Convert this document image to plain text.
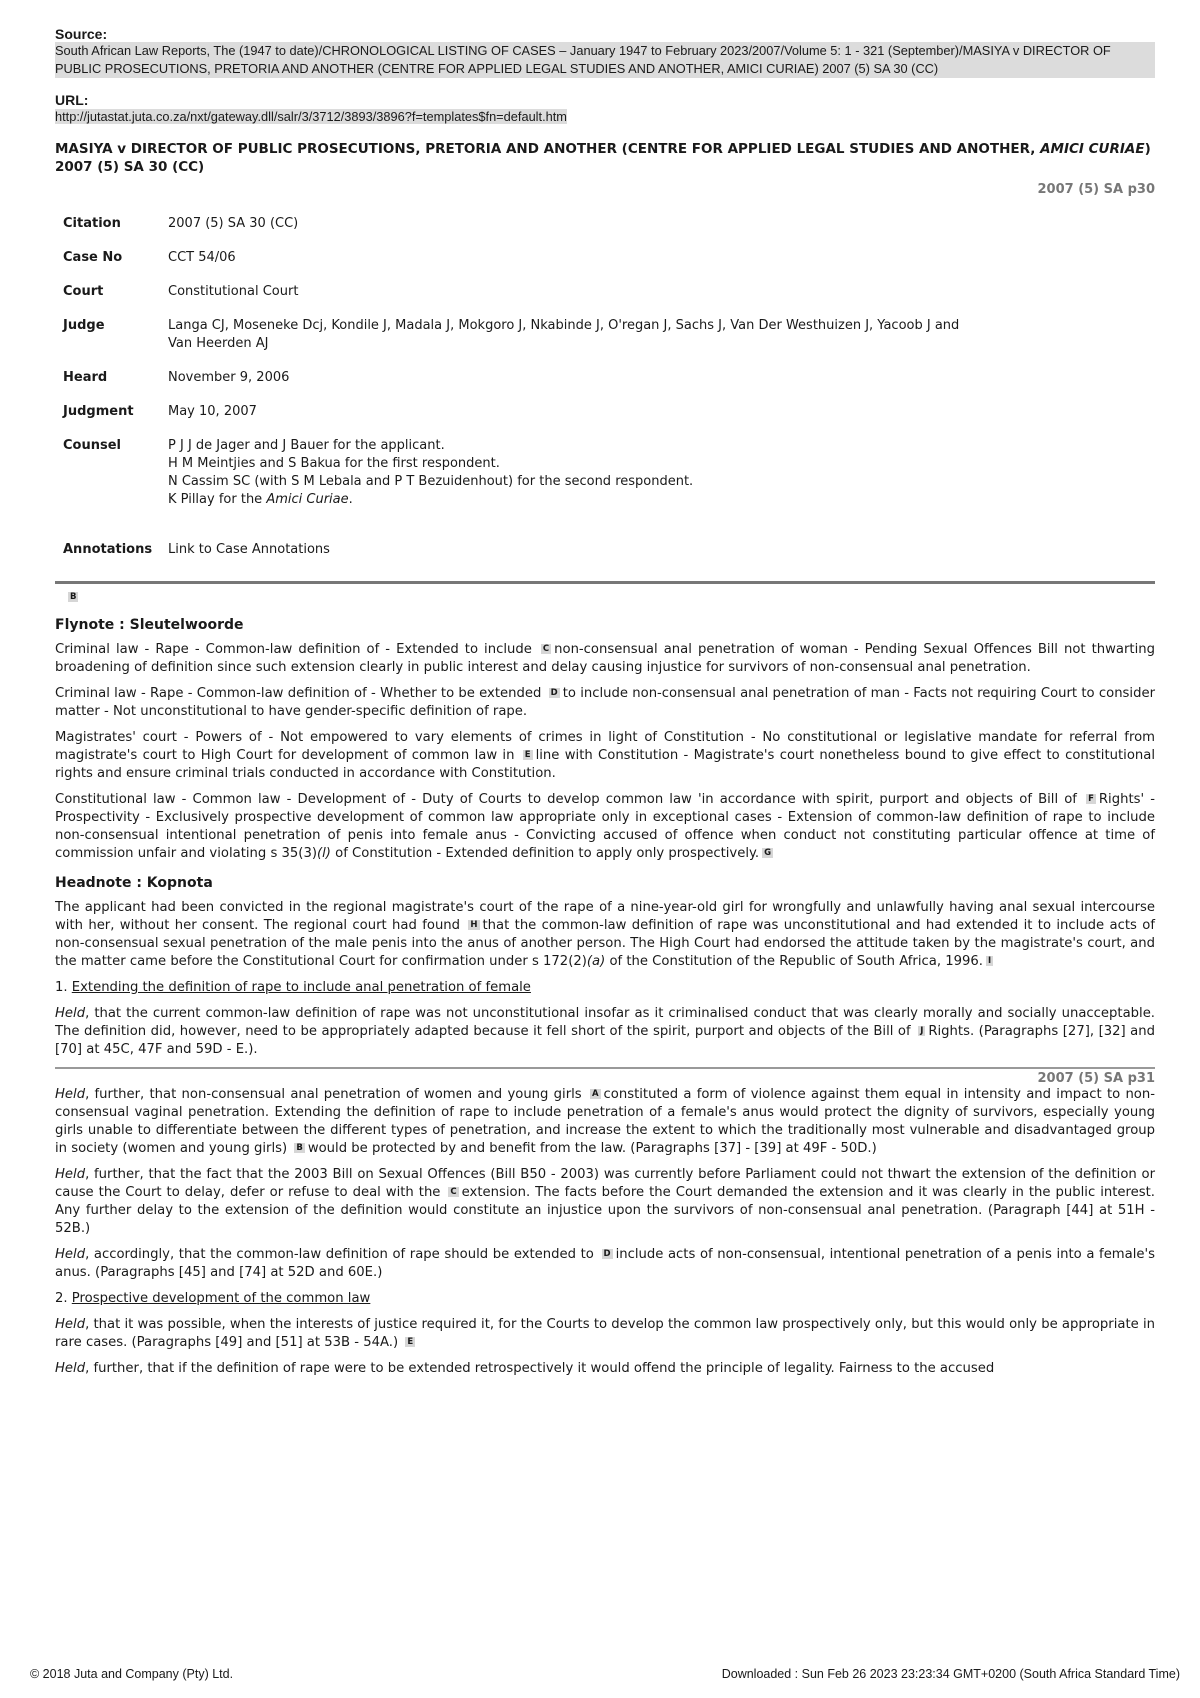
Source:
South African Law Reports, The (1947 to date)/CHRONOLOGICAL LISTING OF CASES – January 1947 to February 2023/2007/Volume 5: 1 - 321 (September)/MASIYA v DIRECTOR OF PUBLIC PROSECUTIONS, PRETORIA AND ANOTHER (CENTRE FOR APPLIED LEGAL STUDIES AND ANOTHER, AMICI CURIAE) 2007 (5) SA 30 (CC)
URL:
http://jutastat.juta.co.za/nxt/gateway.dll/salr/3/3712/3893/3896?f=templates$fn=default.htm
MASIYA v DIRECTOR OF PUBLIC PROSECUTIONS, PRETORIA AND ANOTHER (CENTRE FOR APPLIED LEGAL STUDIES AND ANOTHER, AMICI CURIAE) 2007 (5) SA 30 (CC)
2007 (5) SA p30
Citation	2007 (5) SA 30 (CC)

Case No	CCT 54/06

Court	Constitutional Court

Judge	Langa CJ, Moseneke Dcj, Kondile J, Madala J, Mokgoro J, Nkabinde J, O'regan J, Sachs J, Van Der Westhuizen J, Yacoob J and
Van Heerden AJ

Heard	November 9, 2006

Judgment	May 10, 2007

Counsel	P J J de Jager and J Bauer for the applicant.
H M Meintjies and S Bakua for the first respondent.
N Cassim SC (with S M Lebala and P T Bezuidenhout) for the second respondent.
K Pillay for the Amici Curiae.

Annotations	Link to Case Annotations
B
Flynote : Sleutelwoorde

Criminal law - Rape - Common-law definition of - Extended to include C non-consensual anal penetration of woman - Pending Sexual Offences Bill not thwarting broadening of definition since such extension clearly in public interest and delay causing injustice for survivors of non-consensual anal penetration.

Criminal law - Rape - Common-law definition of - Whether to be extended D to include non-consensual anal penetration of man - Facts not requiring Court to consider matter - Not unconstitutional to have gender-specific definition of rape.

Magistrates' court - Powers of - Not empowered to vary elements of crimes in light of Constitution - No constitutional or legislative mandate for referral from magistrate's court to High Court for development of common law in E line with Constitution - Magistrate's court nonetheless bound to give effect to constitutional rights and ensure criminal trials conducted in accordance with Constitution.

Constitutional law - Common law - Development of - Duty of Courts to develop common law 'in accordance with spirit, purport and objects of Bill of F Rights' - Prospectivity - Exclusively prospective development of common law appropriate only in exceptional cases - Extension of common-law definition of rape to include non-consensual intentional penetration of penis into female anus - Convicting accused of offence when conduct not constituting particular offence at time of commission unfair and violating s 35(3)(l) of Constitution - Extended definition to apply only prospectively. G

Headnote : Kopnota

The applicant had been convicted in the regional magistrate's court of the rape of a nine-year-old girl for wrongfully and unlawfully having anal sexual intercourse with her, without her consent. The regional court had found H that the common-law definition of rape was unconstitutional and had extended it to include acts of non-consensual sexual penetration of the male penis into the anus of another person. The High Court had endorsed the attitude taken by the magistrate's court, and the matter came before the Constitutional Court for confirmation under s 172(2)(a) of the Constitution of the Republic of South Africa, 1996. I

1. Extending the definition of rape to include anal penetration of female

Held, that the current common-law definition of rape was not unconstitutional insofar as it criminalised conduct that was clearly morally and socially unacceptable. The definition did, however, need to be appropriately adapted because it fell short of the spirit, purport and objects of the Bill of J Rights. (Paragraphs [27], [32] and [70] at 45C, 47F and 59D - E.).

2007 (5) SA p31

Held, further, that non-consensual anal penetration of women and young girls A constituted a form of violence against them equal in intensity and impact to non-consensual vaginal penetration. Extending the definition of rape to include penetration of a female's anus would protect the dignity of survivors, especially young girls unable to differentiate between the different types of penetration, and increase the extent to which the traditionally most vulnerable and disadvantaged group in society (women and young girls) B would be protected by and benefit from the law. (Paragraphs [37] - [39] at 49F - 50D.)

Held, further, that the fact that the 2003 Bill on Sexual Offences (Bill B50 - 2003) was currently before Parliament could not thwart the extension of the definition or cause the Court to delay, defer or refuse to deal with the C extension. The facts before the Court demanded the extension and it was clearly in the public interest. Any further delay to the extension of the definition would constitute an injustice upon the survivors of non-consensual anal penetration. (Paragraph [44] at 51H - 52B.)

Held, accordingly, that the common-law definition of rape should be extended to D include acts of non-consensual, intentional penetration of a penis into a female's anus. (Paragraphs [45] and [74] at 52D and 60E.)

2. Prospective development of the common law

Held, that it was possible, when the interests of justice required it, for the Courts to develop the common law prospectively only, but this would only be appropriate in rare cases. (Paragraphs [49] and [51] at 53B - 54A.) E

Held, further, that if the definition of rape were to be extended retrospectively it would offend the principle of legality. Fairness to the accused

© 2018 Juta and Company (Pty) Ltd.	Downloaded : Sun Feb 26 2023 23:23:34 GMT+0200 (South Africa Standard Time)
